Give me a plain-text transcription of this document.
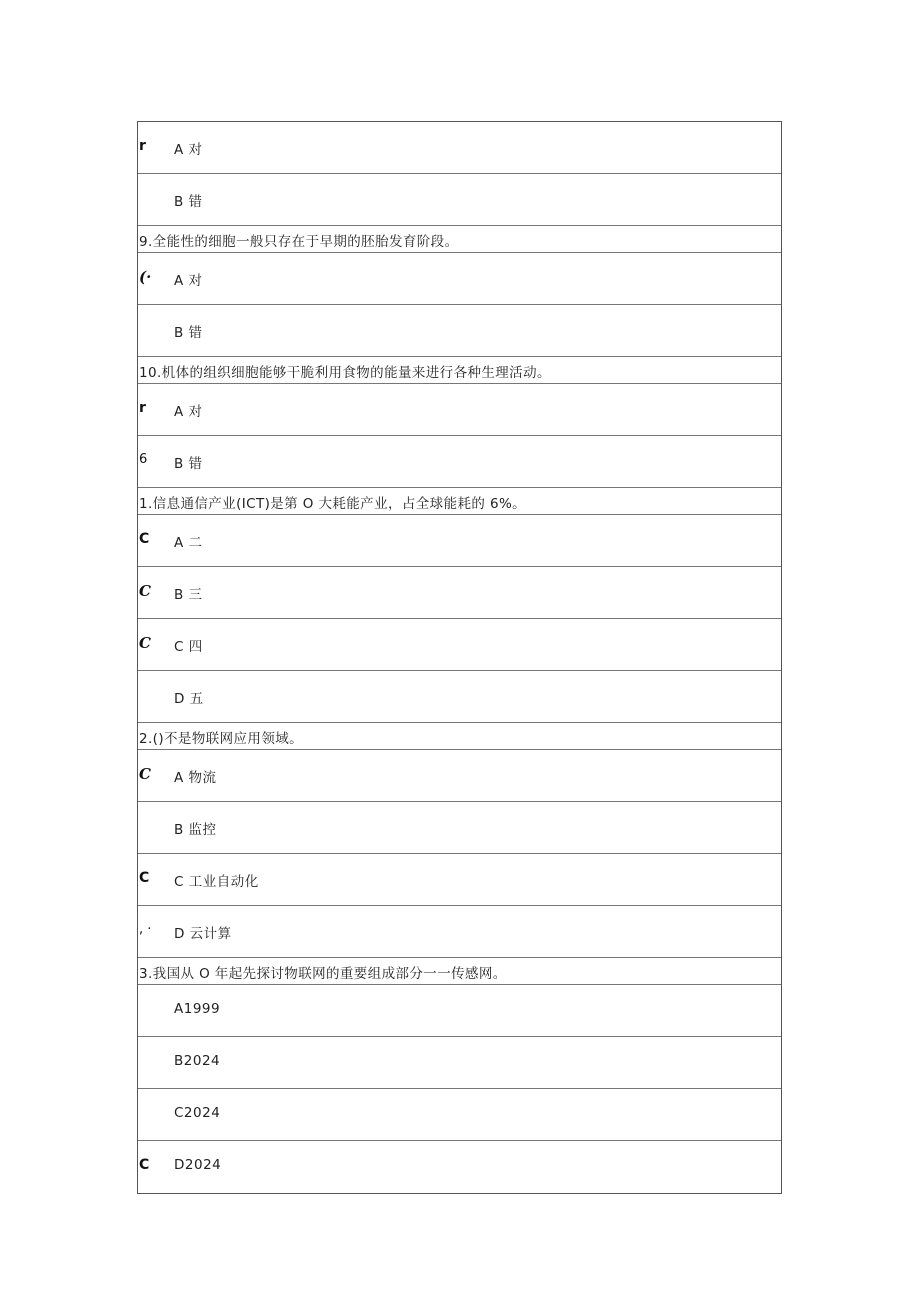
r	A 对
B 错
9.全能性的细胞一般只存在于早期的胚胎发育阶段。
(·	A 对
B 错
10.机体的组织细胞能够干脆利用食物的能量来进行各种生理活动。
r	A 对
6	B 错
1.信息通信产业(ICT)是第 O 大耗能产业，占全球能耗的 6%。
C	A 二
C	B 三
C	C 四
D 五
2.()不是物联网应用领域。
C	A 物流
B 监控
C	C 工业自动化
, ·	D 云计算
3.我国从 O 年起先探讨物联网的重要组成部分一一传感网。
A1999
B2024
C2024
C	D2024
